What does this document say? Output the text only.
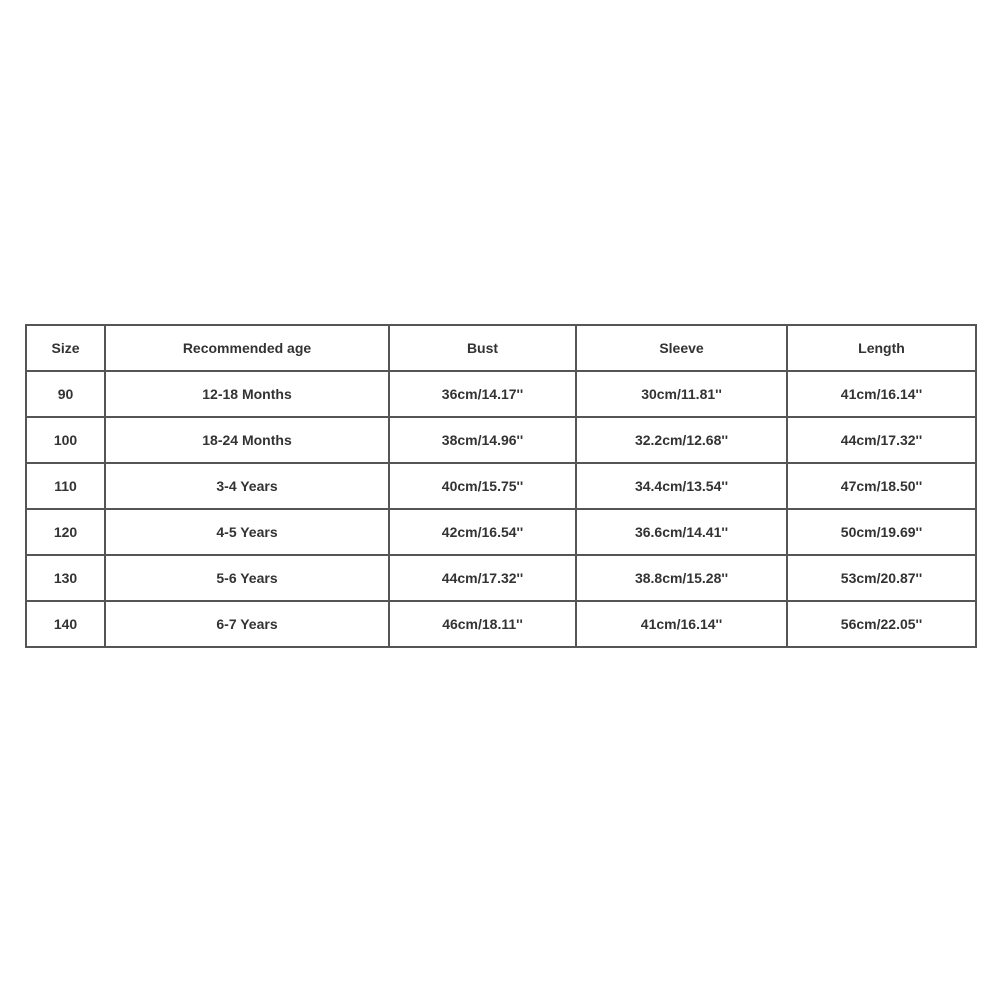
Size	Recommended age	Bust	Sleeve	Length
90	12-18 Months	36cm/14.17''	30cm/11.81''	41cm/16.14''
100	18-24 Months	38cm/14.96''	32.2cm/12.68''	44cm/17.32''
110	3-4 Years	40cm/15.75''	34.4cm/13.54''	47cm/18.50''
120	4-5 Years	42cm/16.54''	36.6cm/14.41''	50cm/19.69''
130	5-6 Years	44cm/17.32''	38.8cm/15.28''	53cm/20.87''
140	6-7 Years	46cm/18.11''	41cm/16.14''	56cm/22.05''
